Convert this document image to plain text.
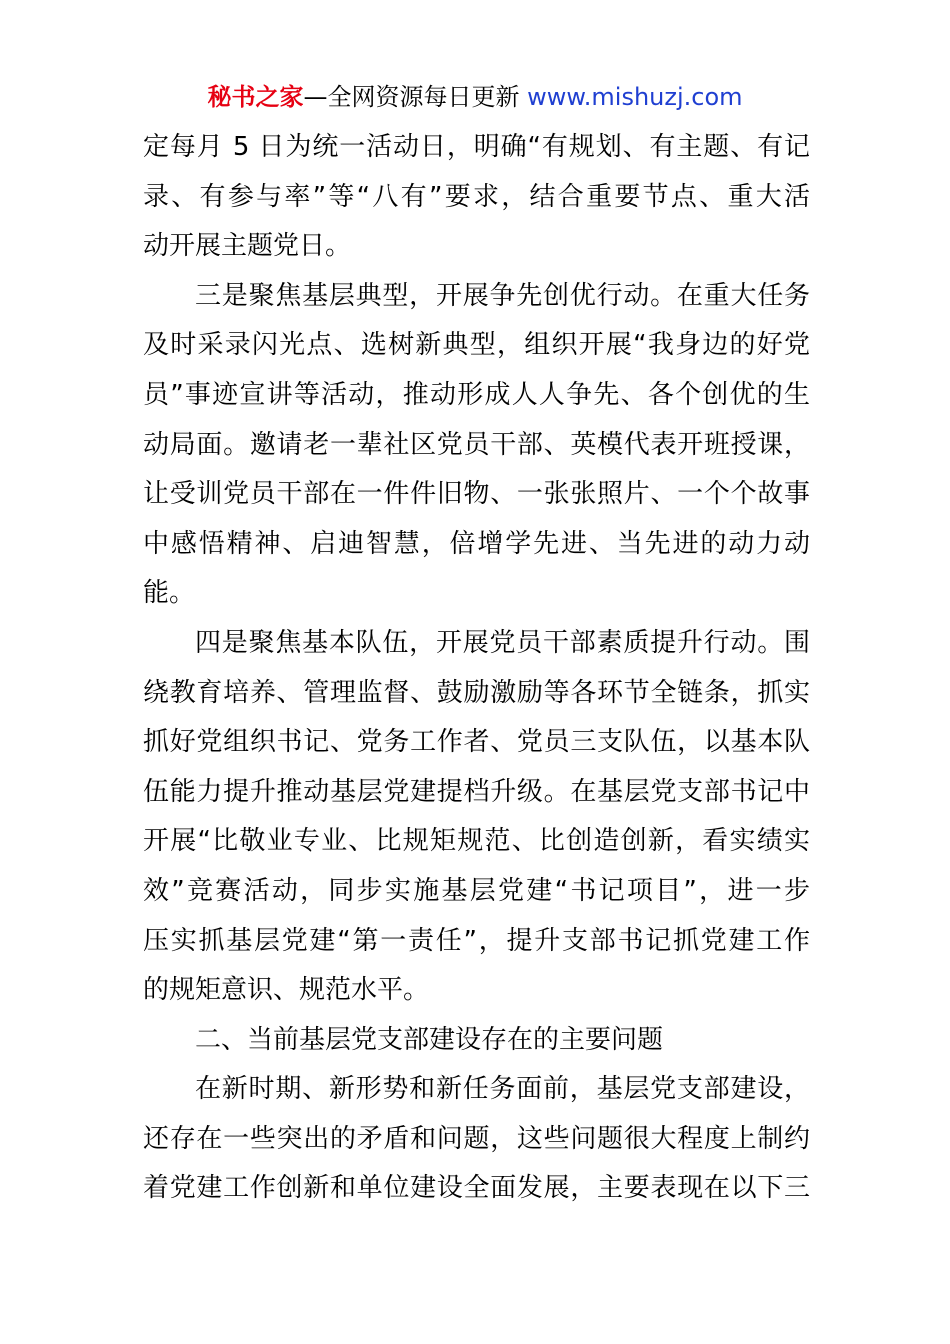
秘书之家—全网资源每日更新 www.mishuzj.com
定每月 5 日为统一活动日，明确“有规划、有主题、有记
录、有参与率”等“八有”要求，结合重要节点、重大活
动开展主题党日。
三是聚焦基层典型，开展争先创优行动。在重大任务
及时采录闪光点、选树新典型，组织开展“我身边的好党
员”事迹宣讲等活动，推动形成人人争先、各个创优的生
动局面。邀请老一辈社区党员干部、英模代表开班授课，
让受训党员干部在一件件旧物、一张张照片、一个个故事
中感悟精神、启迪智慧，倍增学先进、当先进的动力动
能。
四是聚焦基本队伍，开展党员干部素质提升行动。围
绕教育培养、管理监督、鼓励激励等各环节全链条，抓实
抓好党组织书记、党务工作者、党员三支队伍，以基本队
伍能力提升推动基层党建提档升级。在基层党支部书记中
开展“比敬业专业、比规矩规范、比创造创新，看实绩实
效”竞赛活动，同步实施基层党建“书记项目”，进一步
压实抓基层党建“第一责任”，提升支部书记抓党建工作
的规矩意识、规范水平。
二、当前基层党支部建设存在的主要问题
在新时期、新形势和新任务面前，基层党支部建设，
还存在一些突出的矛盾和问题，这些问题很大程度上制约
着党建工作创新和单位建设全面发展，主要表现在以下三
